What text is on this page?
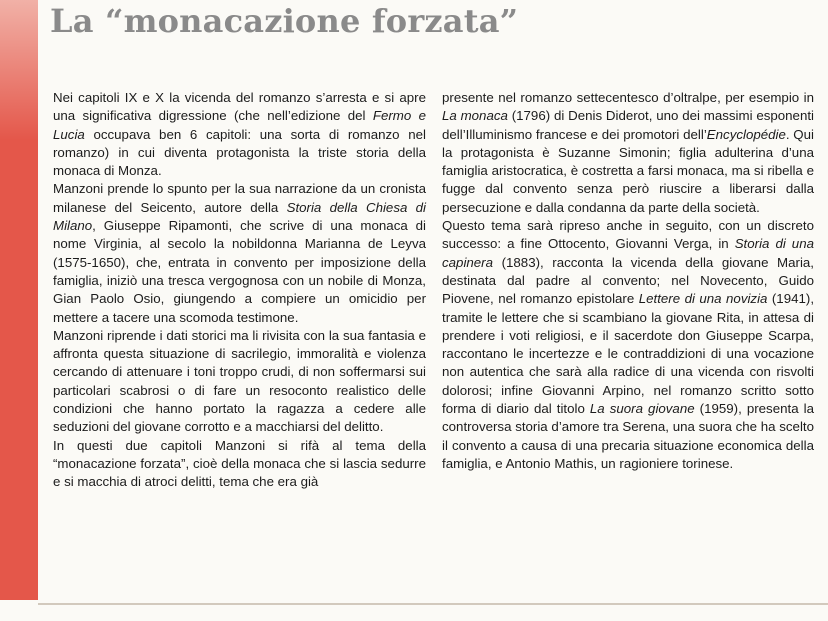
La “monacazione forzata”

Nei capitoli IX e X la vicenda del romanzo s’arresta e si apre una significativa digressione (che nell’edizione del Fermo e Lucia occupava ben 6 capitoli: una sorta di romanzo nel romanzo) in cui diventa protagonista la triste storia della monaca di Monza.

Manzoni prende lo spunto per la sua narrazione da un cronista milanese del Seicento, autore della Storia della Chiesa di Milano, Giuseppe Ripamonti, che scrive di una monaca di nome Virginia, al secolo la nobildonna Marianna de Leyva (1575-1650), che, entrata in convento per imposizione della famiglia, iniziò una tresca vergognosa con un nobile di Monza, Gian Paolo Osio, giungendo a compiere un omicidio per mettere a tacere una scomoda testimone.

Manzoni riprende i dati storici ma li rivisita con la sua fantasia e affronta questa situazione di sacrilegio, immoralità e violenza cercando di attenuare i toni troppo crudi, di non soffermarsi sui particolari scabrosi o di fare un resoconto realistico delle condizioni che hanno portato la ragazza a cedere alle seduzioni del giovane corrotto e a macchiarsi del delitto.

In questi due capitoli Manzoni si rifà al tema della “monacazione forzata”, cioè della monaca che si lascia sedurre e si macchia di atroci delitti, tema che era già

presente nel romanzo settecentesco d’oltralpe, per esempio in La monaca (1796) di Denis Diderot, uno dei massimi esponenti dell’Illuminismo francese e dei promotori dell’Encyclopédie. Qui la protagonista è Suzanne Simonin; figlia adulterina d’una famiglia aristocratica, è costretta a farsi monaca, ma si ribella e fugge dal convento senza però riuscire a liberarsi dalla persecuzione e dalla condanna da parte della società.

Questo tema sarà ripreso anche in seguito, con un discreto successo: a fine Ottocento, Giovanni Verga, in Storia di una capinera (1883), racconta la vicenda della giovane Maria, destinata dal padre al convento; nel Novecento, Guido Piovene, nel romanzo epistolare Lettere di una novizia (1941), tramite le lettere che si scambiano la giovane Rita, in attesa di prendere i voti religiosi, e il sacerdote don Giuseppe Scarpa, raccontano le incertezze e le contraddizioni di una vocazione non autentica che sarà alla radice di una vicenda con risvolti dolorosi; infine Giovanni Arpino, nel romanzo scritto sotto forma di diario dal titolo La suora giovane (1959), presenta la controversa storia d’amore tra Serena, una suora che ha scelto il convento a causa di una precaria situazione economica della famiglia, e Antonio Mathis, un ragioniere torinese.
